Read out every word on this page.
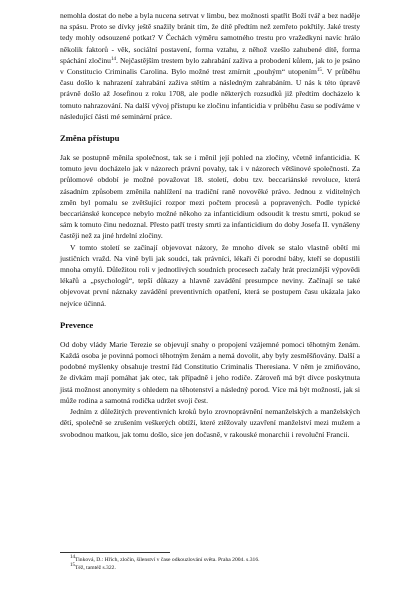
nemohla dostat do nebe a byla nucena setrvat v limbu, bez možnosti spatřit Boží tvář a bez naděje na spásu. Proto se dívky ještě snažily bránit tím, že dítě předtím než zemřeto pokřtily. Jaké tresty tedy mohly odsouzené potkat? V Čechách výměru samotného trestu pro vražedkyni navíc hrálo několik faktorů - věk, sociální postavení, forma vztahu, z něhož vzešlo zahubené dítě, forma spáchání zločinu$^{14}$. Nejčastějším trestem bylo zahrabání zaživa a probodení kůlem, jak to je psáno v Constitucio Criminalis Carolina. Bylo možné trest zmírnit „pouhým“ utopením$^{15}$. V průběhu času došlo k nahrazení zahrabání zaživa stětím a následným zahrabáním. U nás k této úpravě právně došlo až Josefinou z roku 1708, ale podle některých rozsudků již předtím docházelo k tomuto nahrazování. Na další vývoj přístupu ke zločinu infanticidia v průběhu času se podíváme v následující části mé seminární práce.

Změna přístupu

Jak se postupně měnila společnost, tak se i měnil její pohled na zločiny, včetně infanticidia. K tomuto jevu docházelo jak v názorech právní povahy, tak i v názorech většinové společnosti. Za průlomové období je možné považovat 18. století, dobu tzv. beccariánské revoluce, která zásadním způsobem změnila nahlížení na tradiční raně novověké právo. Jednou z viditelných změn byl pomalu se zvětšující rozpor mezi počtem procesů a popravených. Podle typické beccariánské koncepce nebylo možné někoho za infanticidium odsoudit k trestu smrti, pokud se sám k tomuto činu nedoznal. Přesto patří tresty smrti za infanticidium do doby Josefa II. vynášeny častěji než za jiné hrdelní zločiny.

V tomto století se začínají objevovat názory, že mnoho dívek se stalo vlastně obětí mi justičních vražd. Na vině byli jak soudci, tak právníci, lékaři či porodní báby, kteří se dopustili mnoha omylů. Důležitou roli v jednotlivých soudních procesech začaly hrát preciznější výpovědi lékařů a „psychologů“, tepší důkazy a hlavně zavádění presumpce neviny. Začínají se také objevovat první náznaky zavádění preventivních opatření, která se postupem času ukázala jako nejvíce účinná.

Prevence

Od doby vlády Marie Terezie se objevují snahy o propojení vzájemné pomoci těhotným ženám. Každá osoba je povinná pomoci těhotným ženám a nemá dovolit, aby byly zesměšňovány. Další a podobné myšlenky obsahuje trestní řád Constitutio Criminalis Theresiana. V něm je zmiňováno, že dívkám mají pomáhat jak otec, tak případně i jeho rodiče. Zároveň má být dívce poskytnuta jistá možnost anonymity s ohledem na těhotenství a následný porod. Více má být možností, jak si může rodina a samotná rodička udržet svoji čest.

Jedním z důležitých preventivních kroků bylo zrovnoprávnění nemanželských a manželských dětí, společně se zrušením veškerých obtíží, které ztěžovaly uzavření manželství mezi mužem a svobodnou matkou, jak tomu došlo, sice jen dočasně, v rakouské monarchii i revoluční Francii.

$^{14}$Tinková, D.: Hřích, zločin, šílenství v čase odkouzlování světa. Praha 2004. s.316.

$^{15}$Též, tamtéž s.322.
